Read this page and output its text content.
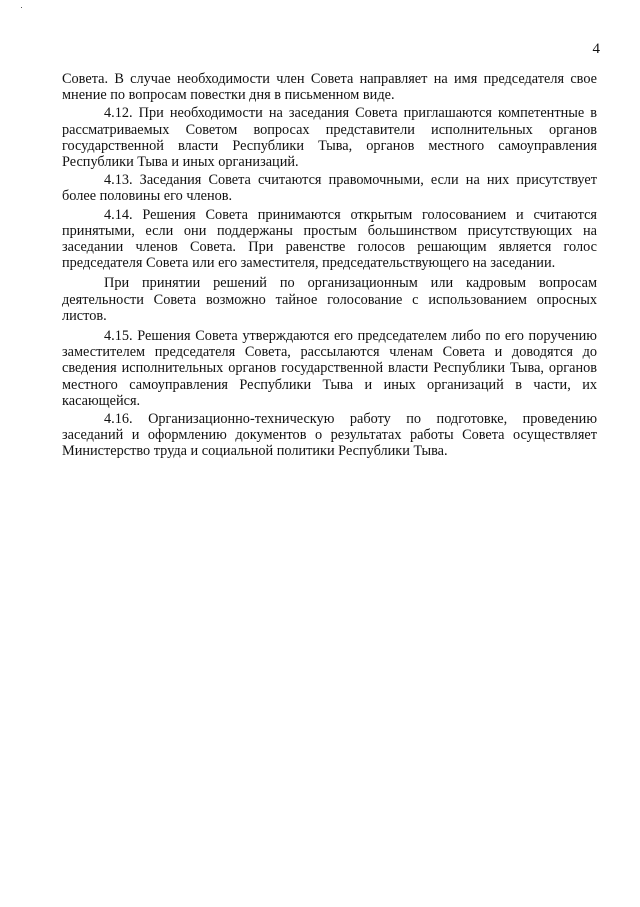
4

Совета. В случае необходимости член Совета направляет на имя председателя свое мнение по вопросам повестки дня в письменном виде.

4.12. При необходимости на заседания Совета приглашаются компетентные в рассматриваемых Советом вопросах представители исполнительных органов государственной власти Республики Тыва, органов местного самоуправления Республики Тыва и иных организаций.

4.13. Заседания Совета считаются правомочными, если на них присутствует более половины его членов.

4.14. Решения Совета принимаются открытым голосованием и считаются принятыми, если они поддержаны простым большинством присутствующих на заседании членов Совета. При равенстве голосов решающим является голос председателя Совета или его заместителя, председательствующего на заседании.

При принятии решений по организационным или кадровым вопросам деятельности Совета возможно тайное голосование с использованием опросных листов.

4.15. Решения Совета утверждаются его председателем либо по его поручению заместителем председателя Совета, рассылаются членам Совета и доводятся до сведения исполнительных органов государственной власти Республики Тыва, органов местного самоуправления Республики Тыва и иных организаций в части, их касающейся.

4.16. Организационно-техническую работу по подготовке, проведению заседаний и оформлению документов о результатах работы Совета осуществляет Министерство труда и социальной политики Республики Тыва.
